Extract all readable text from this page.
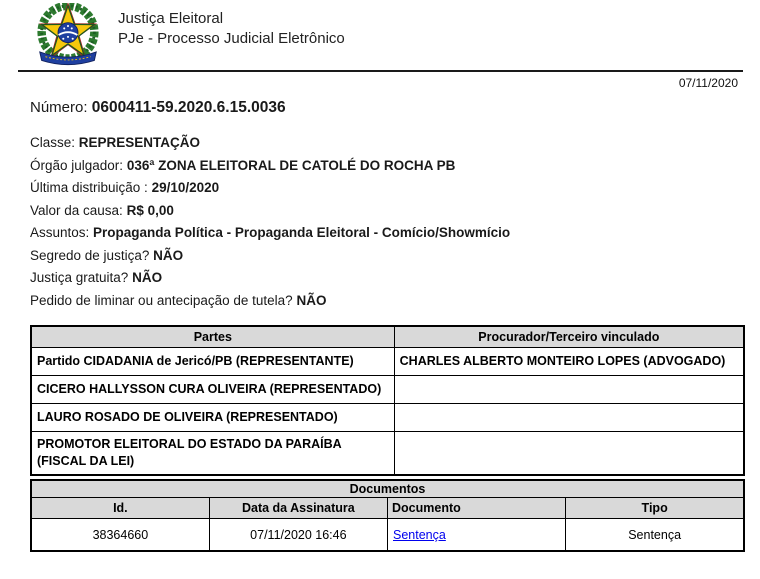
Justiça Eleitoral
PJe - Processo Judicial Eletrônico
07/11/2020
Número: 0600411-59.2020.6.15.0036
Classe: REPRESENTAÇÃO
Órgão julgador: 036ª ZONA ELEITORAL DE CATOLÉ DO ROCHA PB
Última distribuição : 29/10/2020
Valor da causa: R$ 0,00
Assuntos: Propaganda Política - Propaganda Eleitoral - Comício/Showmício
Segredo de justiça? NÃO
Justiça gratuita? NÃO
Pedido de liminar ou antecipação de tutela? NÃO
Partes	Procurador/Terceiro vinculado
Partido CIDADANIA de Jericó/PB (REPRESENTANTE)	CHARLES ALBERTO MONTEIRO LOPES (ADVOGADO)
CICERO HALLYSSON CURA OLIVEIRA (REPRESENTADO)	
LAURO ROSADO DE OLIVEIRA (REPRESENTADO)	
PROMOTOR ELEITORAL DO ESTADO DA PARAÍBA (FISCAL DA LEI)	
Documentos			
Id.	Data da Assinatura	Documento	Tipo
38364660	07/11/2020 16:46	Sentença	Sentença
